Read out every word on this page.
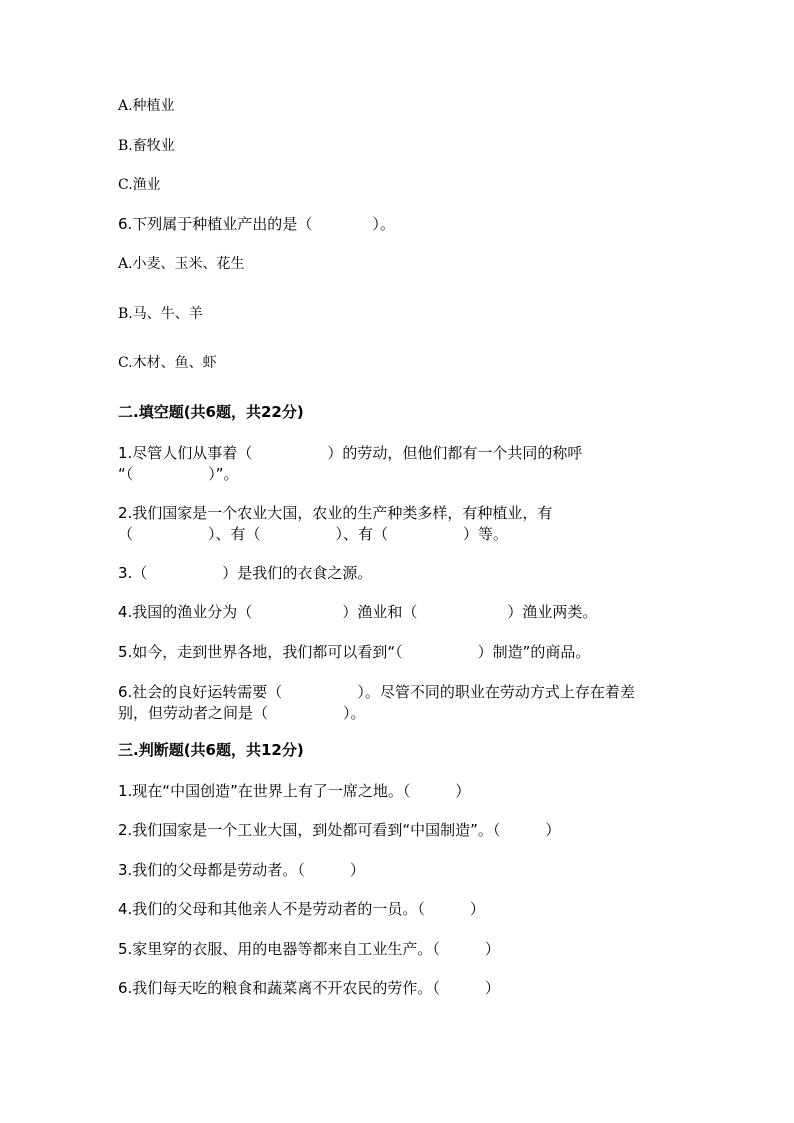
A.种植业
B.畜牧业
C.渔业
6.下列属于种植业产出的是（　　　　）。
A.小麦、玉米、花生
B.马、牛、羊
C.木材、鱼、虾
二.填空题(共6题，共22分)
1.尽管人们从事着（　　　　　）的劳动，但他们都有一个共同的称呼
“（　　　　　）”。
2.我们国家是一个农业大国，农业的生产种类多样，有种植业，有
（　　　　　）、有（　　　　　）、有（　　　　　）等。
3.（　　　　　）是我们的衣食之源。
4.我国的渔业分为（　　　　　　）渔业和（　　　　　　）渔业两类。
5.如今，走到世界各地，我们都可以看到“（　　　　　）制造”的商品。
6.社会的良好运转需要（　　　　　）。尽管不同的职业在劳动方式上存在着差
别，但劳动者之间是（　　　　　）。
三.判断题(共6题，共12分)
1.现在“中国创造”在世界上有了一席之地。（　　　）
2.我们国家是一个工业大国，到处都可看到“中国制造”。（　　　）
3.我们的父母都是劳动者。（　　　）
4.我们的父母和其他亲人不是劳动者的一员。（　　　）
5.家里穿的衣服、用的电器等都来自工业生产。（　　　）
6.我们每天吃的粮食和蔬菜离不开农民的劳作。（　　　）
